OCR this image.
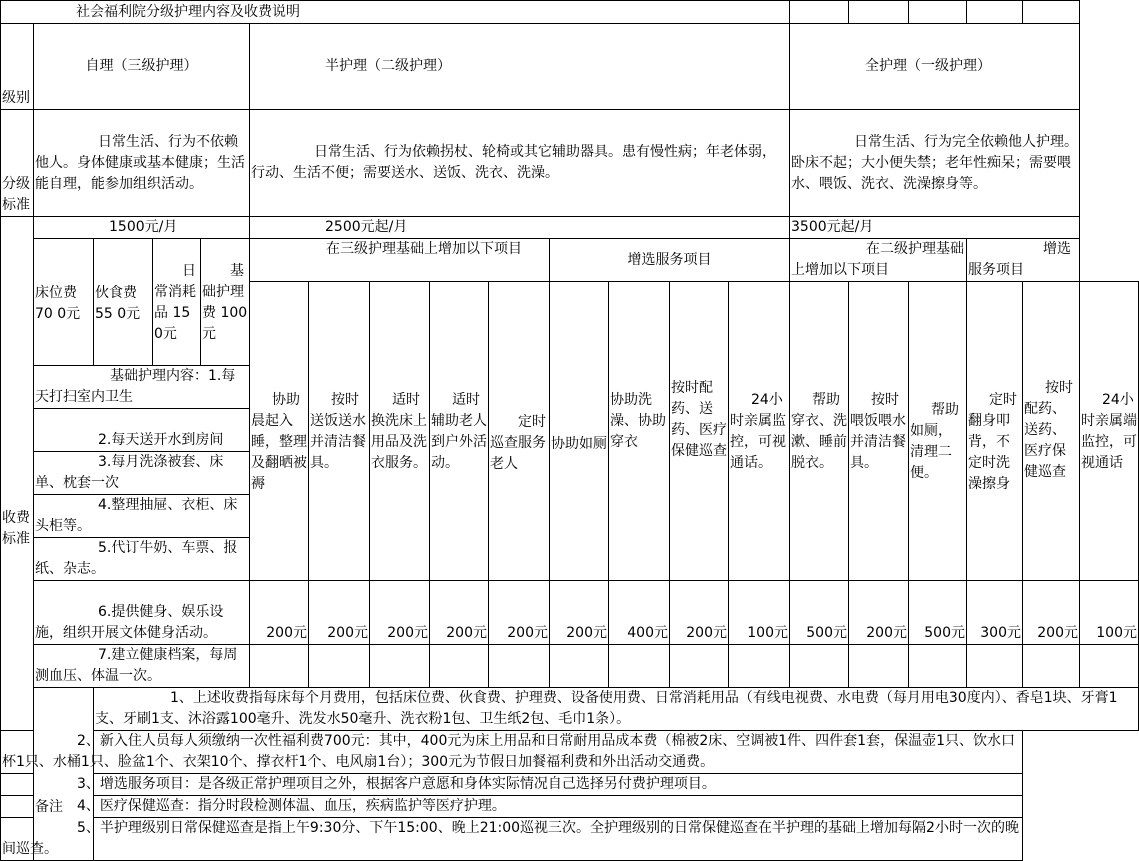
社会福利院分级护理内容及收费说明																			
级别	自理（三级护理）				半护理（二级护理）									全护理（一级护理）					
分级标准	日常生活、行为不依赖他人。身体健康或基本健康；生活能自理，能参加组织活动。				日常生活、行为依赖拐杖、轮椅或其它辅助器具。患有慢性病；年老体弱，行动、生活不便；需要送水、送饭、洗衣、洗澡。									日常生活、行为完全依赖他人护理。卧床不起；大小便失禁；老年性痴呆；需要喂水、喂饭、洗衣、洗澡擦身等。					
收费标准	1500元/月				2500元起/月									3500元起/月					
	床位费　70 0元	伙食费　55 0元	日常消耗品 150元	基础护理费 100元	在三级护理基础上增加以下项目					增选服务项目				在二级护理基础上增加以下项目			增选服务项目		
					协助晨起入睡，整理及翻晒被褥	按时送饭送水并清洁餐具。	适时换洗床上用品及洗衣服务。	适时辅助老人到户外活动。	定时巡查服务老人	协助如厕	协助洗澡、协助穿衣	按时配药、送药、医疗保健巡查	24小时亲属监控，可视通话。	帮助穿衣、洗漱、睡前脱衣。	按时喂饭喂水并清洁餐具。	帮助如厕，清理二便。	定时翻身叩背，不定时洗澡擦身	按时配药、送药、医疗保健巡查	24小时亲属端监控，可视通话
	基础护理内容：1.每天打扫室内卫生																		
	2.每天送开水到房间																		
	3.每月洗涤被套、床单、枕套一次																		
	4.整理抽屉、衣柜、床头柜等。																		
	5.代订牛奶、车票、报纸、杂志。																		
	6.提供健身、娱乐设施，组织开展文体健身活动。				200元	200元	200元	200元	200元	200元	400元	200元	100元	500元	200元	500元	300元	200元	100元
	7.建立健康档案，每周测血压、体温一次。																		
	备注	1、上述收费指每床每个月费用，包括床位费、伙食费、护理费、设备使用费、日常消耗用品（有线电视费、水电费（每月用电30度内）、香皂1块、牙膏1支、牙刷1支、沐浴露100毫升、洗发水50毫升、洗衣粉1包、卫生纸2包、毛巾1条）。																	
2、新入住人员每人须缴纳一次性福利费700元：其中，400元为床上用品和日常耐用品成本费（棉被2床、空调被1件、四件套1套，保温壶1只、饮水口杯1只、水桶1只、脸盆1个、衣架10个、撑衣杆1个、电风扇1台）；300元为节假日加餐福利费和外出活动交通费。																			
3、增选服务项目：是各级正常护理项目之外，根据客户意愿和身体实际情况自己选择另付费护理项目。																			
4、医疗保健巡查：指分时段检测体温、血压，疾病监护等医疗护理。																			
5、半护理级别日常保健巡查是指上午9:30分、下午15:00、晚上21:00巡视三次。全护理级别的日常保健巡查在半护理的基础上增加每隔2小时一次的晚间巡查。																			
